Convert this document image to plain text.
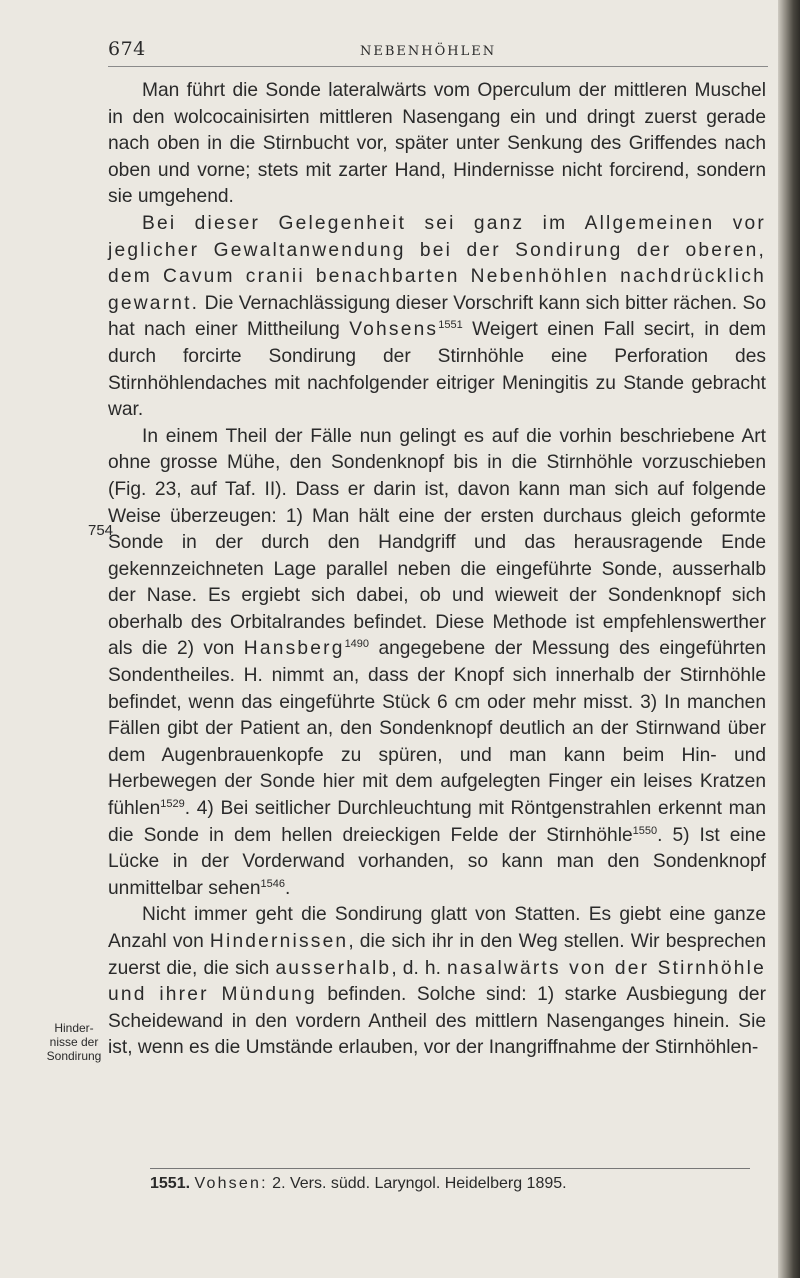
674	NEBENHÖHLEN
754
Hinder-
nisse der
Sondirung

Man führt die Sonde lateralwärts vom Operculum der mittleren Muschel in den wolcocainisirten mittleren Nasengang ein und dringt zuerst gerade nach oben in die Stirnbucht vor, später unter Senkung des Griffendes nach oben und vorne; stets mit zarter Hand, Hindernisse nicht forcirend, sondern sie umgehend.

Bei dieser Gelegenheit sei ganz im Allgemeinen vor jeglicher Gewaltanwendung bei der Sondirung der oberen, dem Cavum cranii benachbarten Nebenhöhlen nachdrücklich gewarnt. Die Vernachlässigung dieser Vorschrift kann sich bitter rächen. So hat nach einer Mittheilung Vohsens$^{1551}$ Weigert einen Fall secirt, in dem durch forcirte Sondirung der Stirnhöhle eine Perforation des Stirnhöhlendaches mit nachfolgender eitriger Meningitis zu Stande gebracht war.

In einem Theil der Fälle nun gelingt es auf die vorhin beschriebene Art ohne grosse Mühe, den Sondenknopf bis in die Stirnhöhle vorzuschieben (Fig. 23, auf Taf. II). Dass er darin ist, davon kann man sich auf folgende Weise überzeugen: 1) Man hält eine der ersten durchaus gleich geformte Sonde in der durch den Handgriff und das herausragende Ende gekennzeichneten Lage parallel neben die eingeführte Sonde, ausserhalb der Nase. Es ergiebt sich dabei, ob und wieweit der Sondenknopf sich oberhalb des Orbitalrandes befindet. Diese Methode ist empfehlenswerther als die 2) von Hansberg$^{1490}$ angegebene der Messung des eingeführten Sondentheiles. H. nimmt an, dass der Knopf sich innerhalb der Stirnhöhle befindet, wenn das eingeführte Stück 6 cm oder mehr misst. 3) In manchen Fällen gibt der Patient an, den Sondenknopf deutlich an der Stirnwand über dem Augenbrauenkopfe zu spüren, und man kann beim Hin- und Herbewegen der Sonde hier mit dem aufgelegten Finger ein leises Kratzen fühlen$^{1529}$. 4) Bei seitlicher Durchleuchtung mit Röntgenstrahlen erkennt man die Sonde in dem hellen dreieckigen Felde der Stirnhöhle$^{1550}$. 5) Ist eine Lücke in der Vorderwand vorhanden, so kann man den Sondenknopf unmittelbar sehen$^{1546}$.

Nicht immer geht die Sondirung glatt von Statten. Es giebt eine ganze Anzahl von Hindernissen, die sich ihr in den Weg stellen. Wir besprechen zuerst die, die sich ausserhalb, d. h. nasalwärts von der Stirnhöhle und ihrer Mündung befinden. Solche sind: 1) starke Ausbiegung der Scheidewand in den vordern Antheil des mittlern Nasenganges hinein. Sie ist, wenn es die Umstände erlauben, vor der Inangriffnahme der Stirnhöhlen-

1551. Vohsen: 2. Vers. südd. Laryngol. Heidelberg 1895.
